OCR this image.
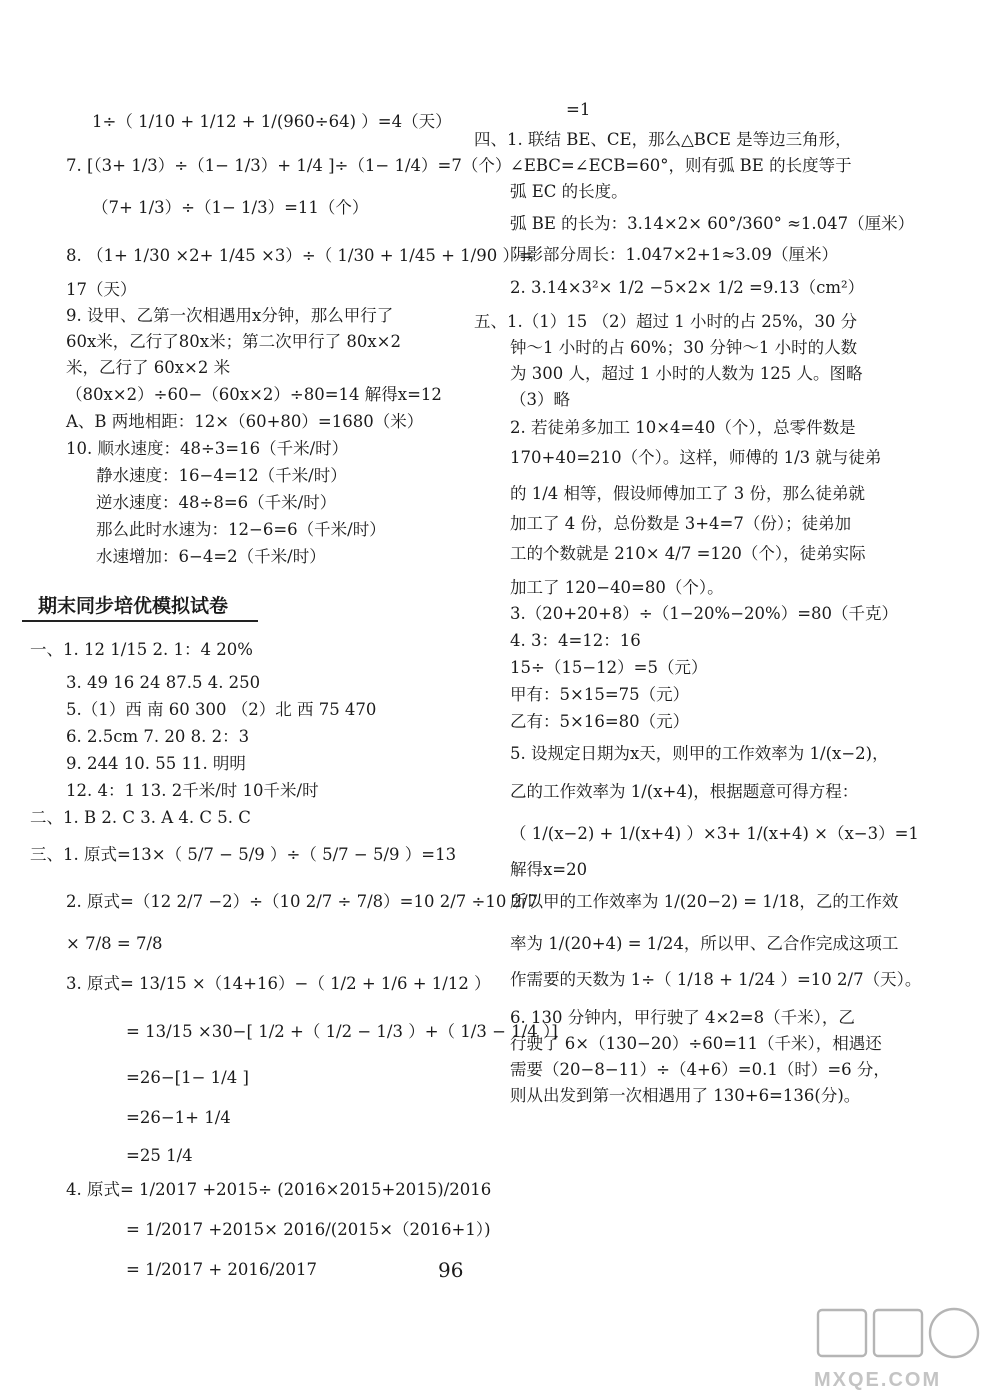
期末同步培优模拟试卷
96
MXQE.COM
1÷（ 1/10 + 1/12 + 1/(960÷64) ）=4（天）
7. [（3+ 1/3）÷（1− 1/3）+ 1/4 ]÷（1− 1/4）=7（个）
（7+ 1/3）÷（1− 1/3）=11（个）
8. （1+ 1/30 ×2+ 1/45 ×3）÷（ 1/30 + 1/45 + 1/90 ）=
17（天）
9. 设甲、乙第一次相遇用x分钟，那么甲行了
60x米，乙行了80x米；第二次甲行了 80x×2
米，乙行了 60x×2 米
（80x×2）÷60−（60x×2）÷80=14 解得x=12
A、B 两地相距：12×（60+80）=1680（米）
10. 顺水速度：48÷3=16（千米/时）
静水速度：16−4=12（千米/时）
逆水速度：48÷8=6（千米/时）
那么此时水速为：12−6=6（千米/时）
水速增加：6−4=2（千米/时）
一、1. 12 1/15 2. 1：4 20%
3. 49 16 24 87.5 4. 250
5.（1）西 南 60 300 （2）北 西 75 470
6. 2.5cm 7. 20 8. 2：3
9. 244 10. 55 11. 明明
12. 4：1 13. 2千米/时 10千米/时
二、1. B 2. C 3. A 4. C 5. C
三、1. 原式=13×（ 5/7 − 5/9 ）÷（ 5/7 − 5/9 ）=13
2. 原式=（12 2/7 −2）÷（10 2/7 ÷ 7/8）=10 2/7 ÷10 2/7
× 7/8 = 7/8
3. 原式= 13/15 ×（14+16）−（ 1/2 + 1/6 + 1/12 ）
= 13/15 ×30−[ 1/2 +（ 1/2 − 1/3 ）+（ 1/3 − 1/4 ）]
=26−[1− 1/4 ]
=26−1+ 1/4
=25 1/4
4. 原式= 1/2017 +2015÷ (2016×2015+2015)/2016
= 1/2017 +2015× 2016/(2015×（2016+1）)
= 1/2017 + 2016/2017
=1
四、1. 联结 BE、CE，那么△BCE 是等边三角形，
∠EBC=∠ECB=60°，则有弧 BE 的长度等于
弧 EC 的长度。
弧 BE 的长为：3.14×2× 60°/360° ≈1.047（厘米）
阴影部分周长：1.047×2+1≈3.09（厘米）
2. 3.14×3²× 1/2 −5×2× 1/2 =9.13（cm²）
五、1.（1）15 （2）超过 1 小时的占 25%，30 分
钟～1 小时的占 60%；30 分钟～1 小时的人数
为 300 人，超过 1 小时的人数为 125 人。图略
（3）略
2. 若徒弟多加工 10×4=40（个），总零件数是
170+40=210（个）。这样，师傅的 1/3 就与徒弟
的 1/4 相等，假设师傅加工了 3 份，那么徒弟就
加工了 4 份，总份数是 3+4=7（份）；徒弟加
工的个数就是 210× 4/7 =120（个），徒弟实际
加工了 120−40=80（个）。
3.（20+20+8）÷（1−20%−20%）=80（千克）
4. 3：4=12：16
15÷（15−12）=5（元）
甲有：5×15=75（元）
乙有：5×16=80（元）
5. 设规定日期为x天，则甲的工作效率为 1/(x−2)，
乙的工作效率为 1/(x+4)，根据题意可得方程：
（ 1/(x−2) + 1/(x+4) ）×3+ 1/(x+4) ×（x−3）=1
解得x=20
所以甲的工作效率为 1/(20−2) = 1/18，乙的工作效
率为 1/(20+4) = 1/24，所以甲、乙合作完成这项工
作需要的天数为 1÷（ 1/18 + 1/24 ）=10 2/7（天）。
6. 130 分钟内，甲行驶了 4×2=8（千米），乙
行驶了 6×（130−20）÷60=11（千米），相遇还
需要（20−8−11）÷（4+6）=0.1（时）=6 分，
则从出发到第一次相遇用了 130+6=136(分)。
